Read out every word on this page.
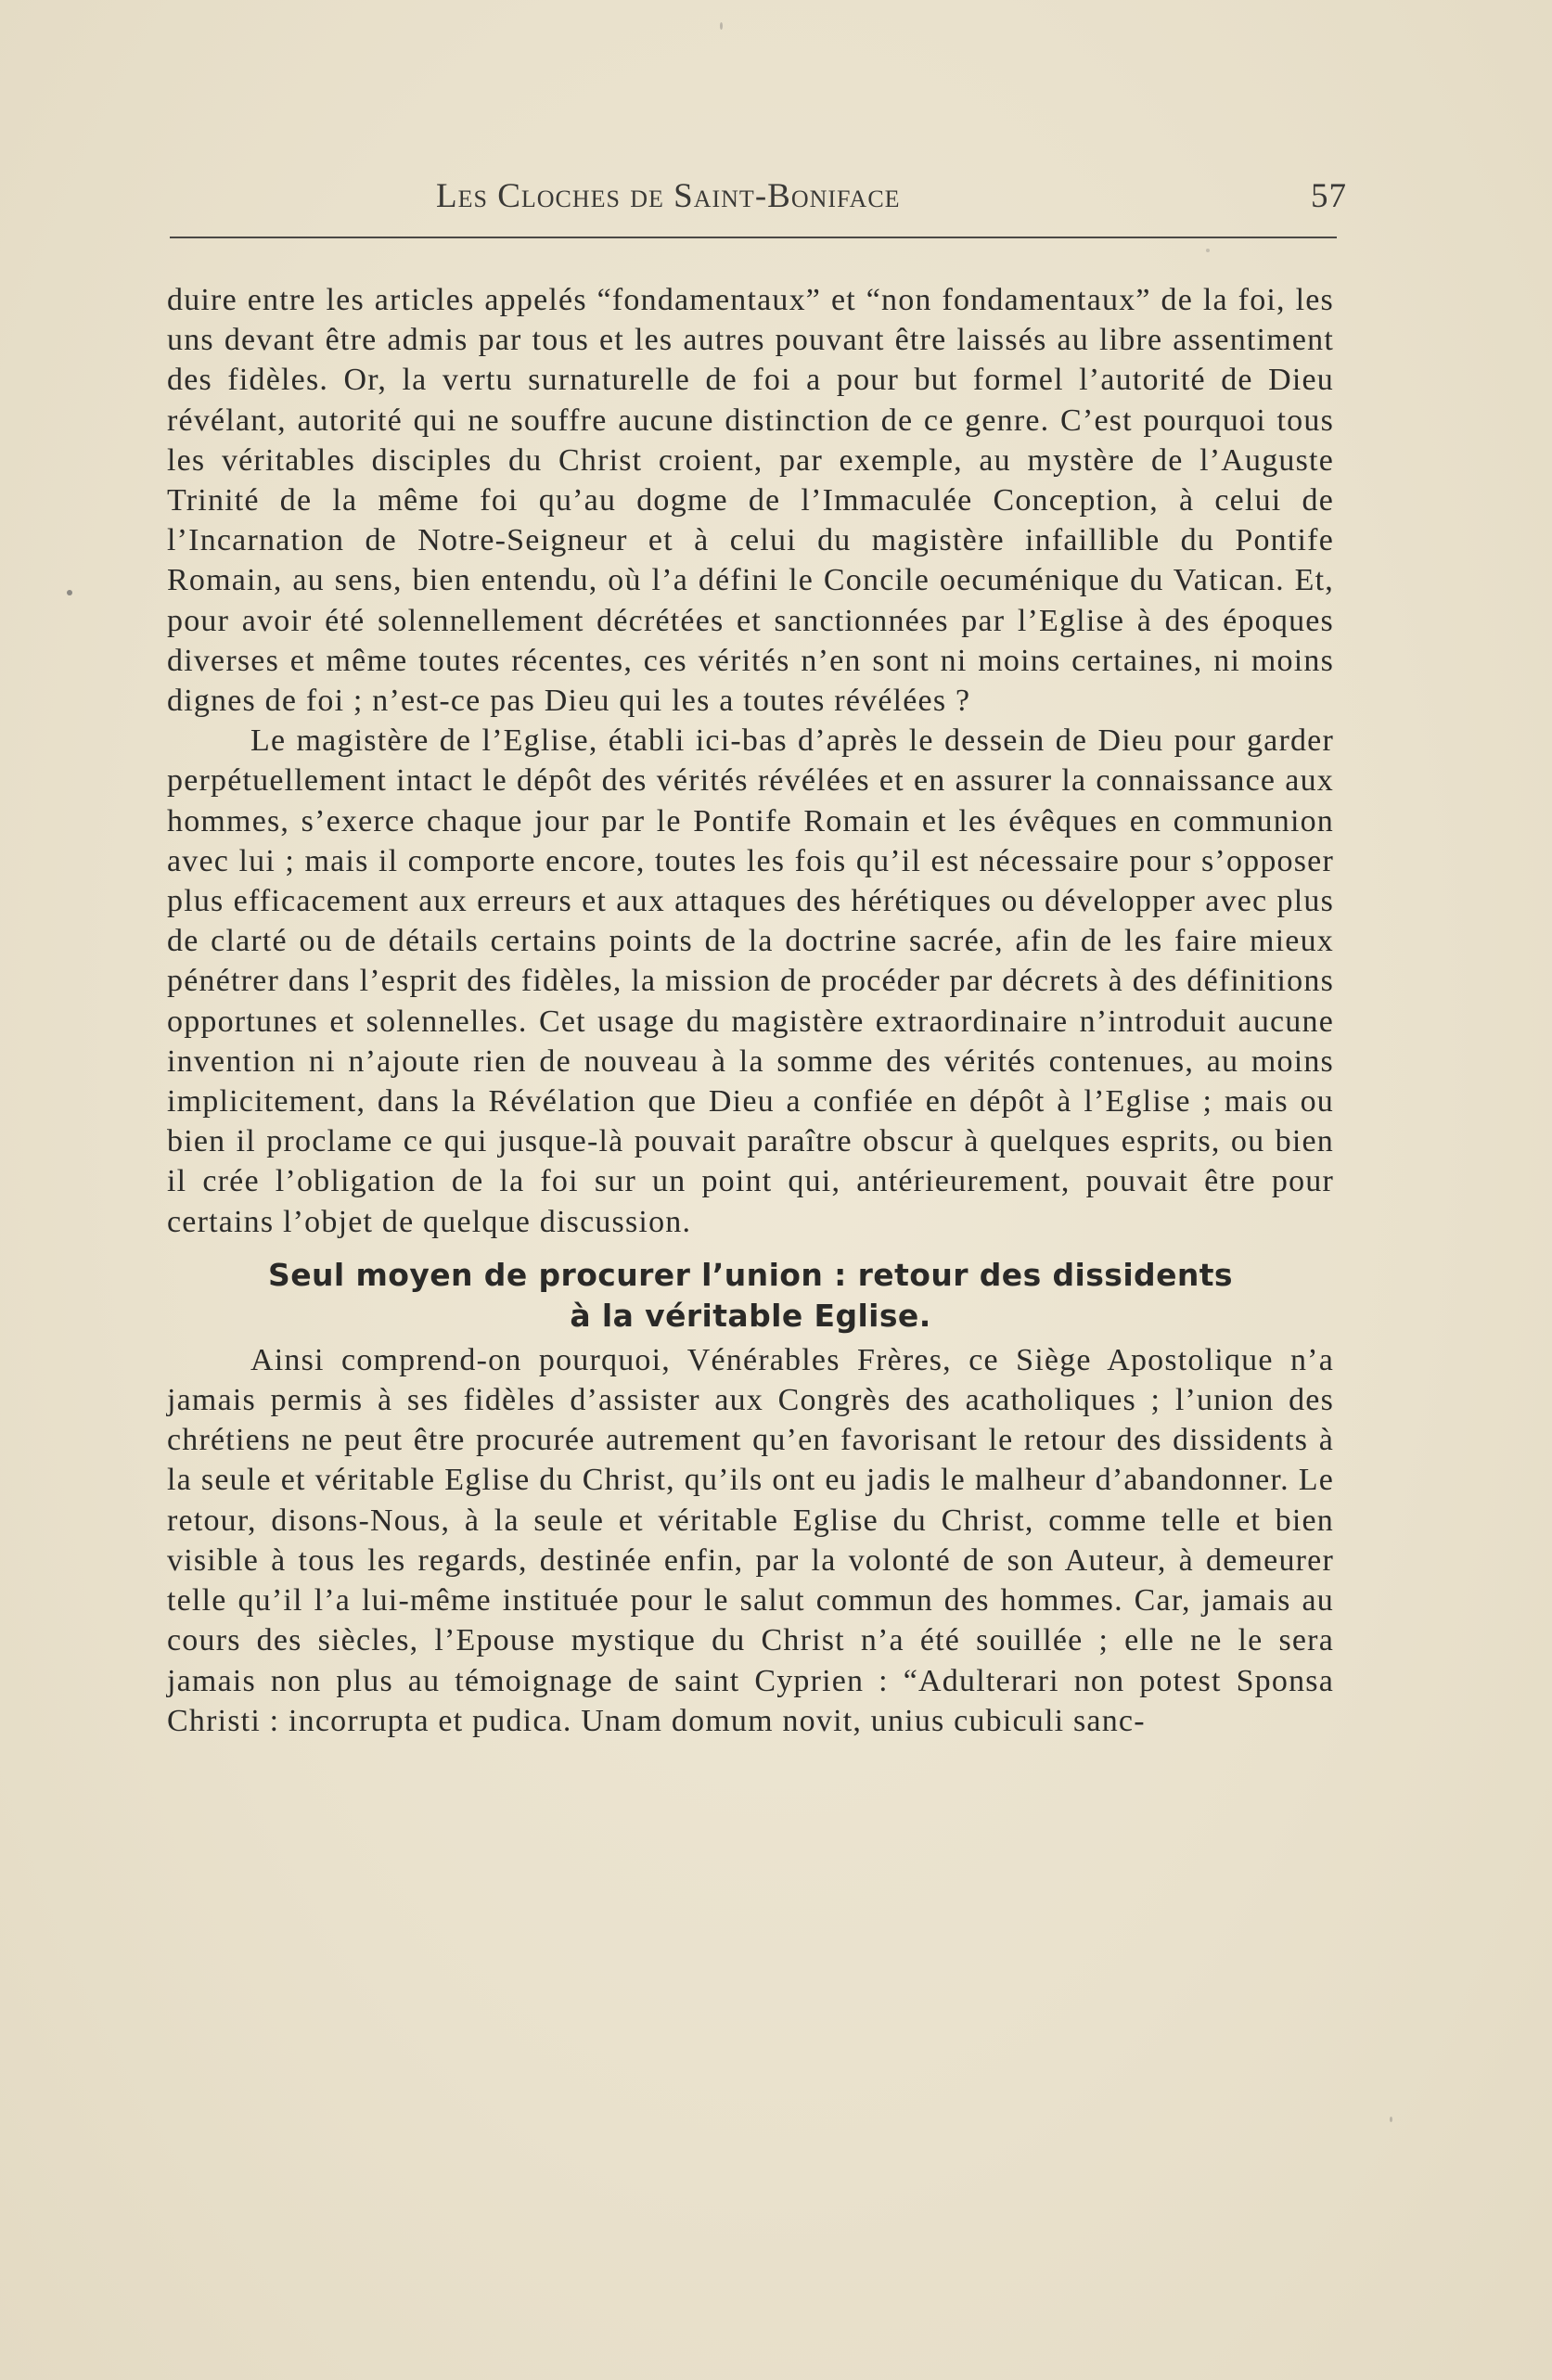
Les Cloches de Saint-Boniface	57

duire entre les articles appelés “fondamentaux” et “non fondamentaux” de la foi, les uns devant être admis par tous et les autres pouvant être laissés au libre assentiment des fidèles. Or, la vertu surnaturelle de foi a pour but formel l’autorité de Dieu révélant, autorité qui ne souffre aucune distinction de ce genre. C’est pourquoi tous les véritables disciples du Christ croient, par exemple, au mystère de l’Auguste Trinité de la même foi qu’au dogme de l’Immaculée Conception, à celui de l’Incarnation de Notre-Seigneur et à celui du magistère infaillible du Pontife Romain, au sens, bien entendu, où l’a défini le Concile oecuménique du Vatican. Et, pour avoir été solennellement décrétées et sanctionnées par l’Eglise à des époques diverses et même toutes récentes, ces vérités n’en sont ni moins certaines, ni moins dignes de foi ; n’est-ce pas Dieu qui les a toutes révélées ?

Le magistère de l’Eglise, établi ici-bas d’après le dessein de Dieu pour garder perpétuellement intact le dépôt des vérités révélées et en assurer la connaissance aux hommes, s’exerce chaque jour par le Pontife Romain et les évêques en communion avec lui ; mais il comporte encore, toutes les fois qu’il est nécessaire pour s’opposer plus efficacement aux erreurs et aux attaques des hérétiques ou développer avec plus de clarté ou de détails certains points de la doctrine sacrée, afin de les faire mieux pénétrer dans l’esprit des fidèles, la mission de procéder par décrets à des définitions opportunes et solennelles. Cet usage du magistère extraordinaire n’introduit aucune invention ni n’ajoute rien de nouveau à la somme des vérités contenues, au moins implicitement, dans la Révélation que Dieu a confiée en dépôt à l’Eglise ; mais ou bien il proclame ce qui jusque-là pouvait paraître obscur à quelques esprits, ou bien il crée l’obligation de la foi sur un point qui, antérieurement, pouvait être pour certains l’objet de quelque discussion.

Seul moyen de procurer l’union : retour des dissidents
à la véritable Eglise.

Ainsi comprend-on pourquoi, Vénérables Frères, ce Siège Apostolique n’a jamais permis à ses fidèles d’assister aux Congrès des acatholiques ; l’union des chrétiens ne peut être procurée autrement qu’en favorisant le retour des dissidents à la seule et véritable Eglise du Christ, qu’ils ont eu jadis le malheur d’abandonner. Le retour, disons-Nous, à la seule et véritable Eglise du Christ, comme telle et bien visible à tous les regards, destinée enfin, par la volonté de son Auteur, à demeurer telle qu’il l’a lui-même instituée pour le salut commun des hommes. Car, jamais au cours des siècles, l’Epouse mystique du Christ n’a été souillée ; elle ne le sera jamais non plus au témoignage de saint Cyprien : “Adulterari non potest Sponsa Christi : incorrupta et pudica. Unam domum novit, unius cubiculi sanc-
